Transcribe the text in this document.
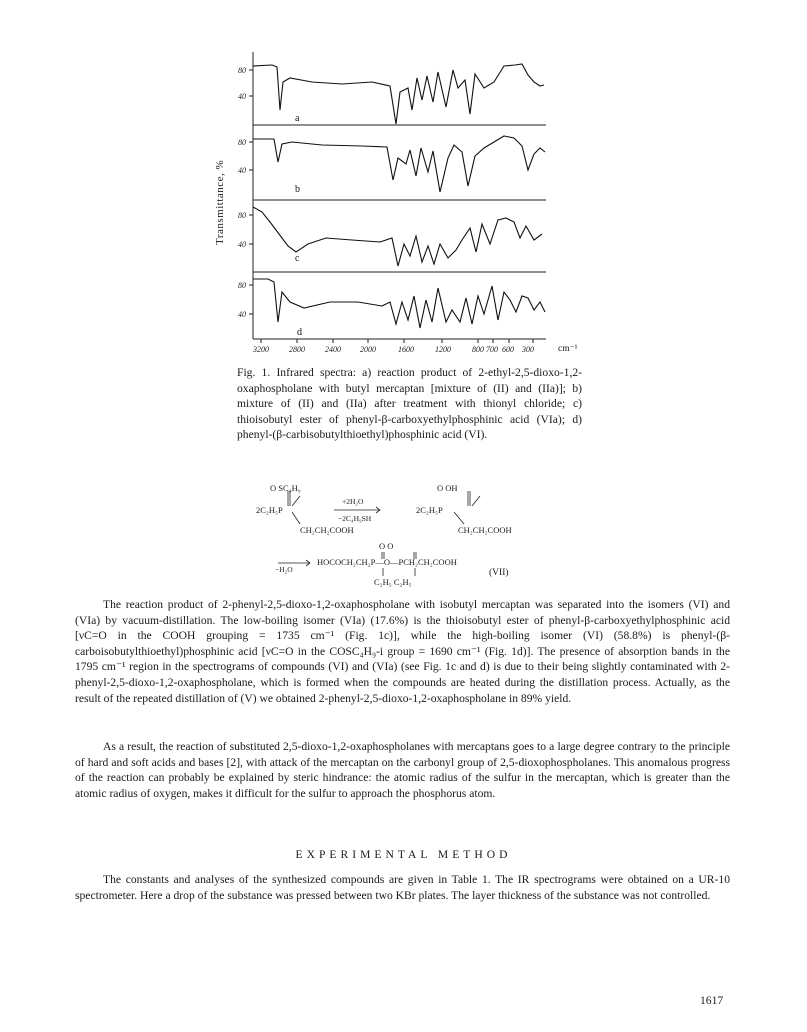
80
40
80
40
80
40
80
40
3200	2800	2400 2000	1600	1200	800 700 600 300
a
b
c
d
cm⁻¹
Transmittance, %
Fig. 1. Infrared spectra: a) reaction product of 2-ethyl-2,5-dioxo-1,2-oxaphospholane with butyl mercaptan [mixture of (II) and (IIa)]; b) mixture of (II) and (IIa) after treatment with thionyl chloride; c) thioisobutyl ester of phenyl-β-carboxyethylphosphinic acid (VIa); d) phenyl-(β-carbisobutylthioethyl)phosphinic acid (VI).
O SC₄H₉
2C₂H₅P
CH₂CH₂COOH
+2H₂O
−2C₄H₉SH
O OH
2C₂H₅P
CH₂CH₂COOH
O O
−H₂O
HOCOCH₂CH₂P—O—PCH₂CH₂COOH
C₂H₅ C₂H₅
(VII)

The reaction product of 2-phenyl-2,5-dioxo-1,2-oxaphospholane with isobutyl mercaptan was separated into the isomers (VI) and (VIa) by vacuum-distillation. The low-boiling isomer (VIa) (17.6%) is the thioisobutyl ester of phenyl-β-carboxyethylphosphinic acid [νC=O in the COOH grouping = 1735 cm⁻¹ (Fig. 1c)], while the high-boiling isomer (VI) (58.8%) is phenyl-(β-carboisobutylthioethyl)phosphinic acid [νC=O in the COSC₄H₉-i group = 1690 cm⁻¹ (Fig. 1d)]. The presence of absorption bands in the 1795 cm⁻¹ region in the spectrograms of compounds (VI) and (VIa) (see Fig. 1c and d) is due to their being slightly contaminated with 2-phenyl-2,5-dioxo-1,2-oxaphospholane, which is formed when the compounds are heated during the distillation process. Actually, as the result of the repeated distillation of (V) we obtained 2-phenyl-2,5-dioxo-1,2-oxaphospholane in 89% yield.

As a result, the reaction of substituted 2,5-dioxo-1,2-oxaphospholanes with mercaptans goes to a large degree contrary to the principle of hard and soft acids and bases [2], with attack of the mercaptan on the carbonyl group of 2,5-dioxophospholanes. This anomalous progress of the reaction can probably be explained by steric hindrance: the atomic radius of the sulfur in the mercaptan, which is greater than the atomic radius of oxygen, makes it difficult for the sulfur to approach the phosphorus atom.

EXPERIMENTAL METHOD

The constants and analyses of the synthesized compounds are given in Table 1. The IR spectrograms were obtained on a UR-10 spectrometer. Here a drop of the substance was pressed between two KBr plates. The layer thickness of the substance was not controlled.

1617
